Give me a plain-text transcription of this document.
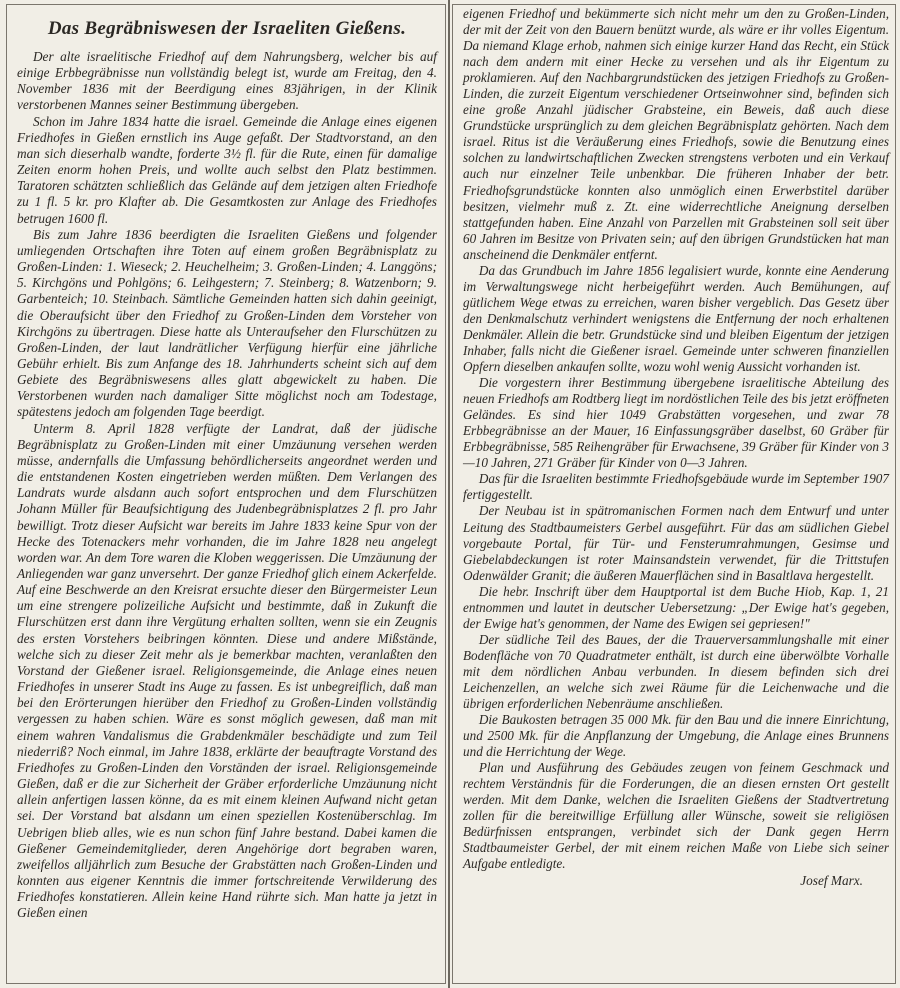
Das Begräbniswesen der Israeliten Gießens.

Der alte israelitische Friedhof auf dem Nahrungsberg, welcher bis auf einige Erbbegräbnisse nun vollständig belegt ist, wurde am Freitag, den 4. November 1836 mit der Beerdigung eines 83jährigen, in der Klinik verstorbenen Mannes seiner Bestimmung übergeben.

Schon im Jahre 1834 hatte die israel. Gemeinde die Anlage eines eigenen Friedhofes in Gießen ernstlich ins Auge gefaßt. Der Stadtvorstand, an den man sich dieserhalb wandte, forderte 3½ fl. für die Rute, einen für damalige Zeiten enorm hohen Preis, und wollte auch selbst den Platz bestimmen. Taratoren schätzten schließlich das Gelände auf dem jetzigen alten Friedhofe zu 1 fl. 5 kr. pro Klafter ab. Die Gesamtkosten zur Anlage des Friedhofes betrugen 1600 fl.

Bis zum Jahre 1836 beerdigten die Israeliten Gießens und folgender umliegenden Ortschaften ihre Toten auf einem großen Begräbnisplatz zu Großen-Linden: 1. Wieseck; 2. Heuchelheim; 3. Großen-Linden; 4. Langgöns; 5. Kirchgöns und Pohlgöns; 6. Leihgestern; 7. Steinberg; 8. Watzenborn; 9. Garbenteich; 10. Steinbach. Sämtliche Gemeinden hatten sich dahin geeinigt, die Oberaufsicht über den Friedhof zu Großen-Linden dem Vorsteher von Kirchgöns zu übertragen. Diese hatte als Unteraufseher den Flurschützen zu Großen-Linden, der laut landrätlicher Verfügung hierfür eine jährliche Gebühr erhielt. Bis zum Anfange des 18. Jahrhunderts scheint sich auf dem Gebiete des Begräbniswesens alles glatt abgewickelt zu haben. Die Verstorbenen wurden nach damaliger Sitte möglichst noch am Todestage, spätestens jedoch am folgenden Tage beerdigt.

Unterm 8. April 1828 verfügte der Landrat, daß der jüdische Begräbnisplatz zu Großen-Linden mit einer Umzäunung versehen werden müsse, andernfalls die Umfassung behördlicherseits angeordnet werden und die entstandenen Kosten eingetrieben werden müßten. Dem Verlangen des Landrats wurde alsdann auch sofort entsprochen und dem Flurschützen Johann Müller für Beaufsichtigung des Judenbegräbnisplatzes 2 fl. pro Jahr bewilligt. Trotz dieser Aufsicht war bereits im Jahre 1833 keine Spur von der Hecke des Totenackers mehr vorhanden, die im Jahre 1828 neu angelegt worden war. An dem Tore waren die Kloben weggerissen. Die Umzäunung der Anliegenden war ganz unversehrt. Der ganze Friedhof glich einem Ackerfelde. Auf eine Beschwerde an den Kreisrat ersuchte dieser den Bürgermeister Leun um eine strengere polizeiliche Aufsicht und bestimmte, daß in Zukunft die Flurschützen erst dann ihre Vergütung erhalten sollten, wenn sie ein Zeugnis des ersten Vorstehers beibringen könnten. Diese und andere Mißstände, welche sich zu dieser Zeit mehr als je bemerkbar machten, veranlaßten den Vorstand der Gießener israel. Religionsgemeinde, die Anlage eines neuen Friedhofes in unserer Stadt ins Auge zu fassen. Es ist unbegreiflich, daß man bei den Erörterungen hierüber den Friedhof zu Großen-Linden vollständig vergessen zu haben schien. Wäre es sonst möglich gewesen, daß man mit einem wahren Vandalismus die Grabdenkmäler beschädigte und zum Teil niederriß? Noch einmal, im Jahre 1838, erklärte der beauftragte Vorstand des Friedhofes zu Großen-Linden den Vorständen der israel. Religionsgemeinde Gießen, daß er die zur Sicherheit der Gräber erforderliche Umzäunung nicht allein anfertigen lassen könne, da es mit einem kleinen Aufwand nicht getan sei. Der Vorstand bat alsdann um einen speziellen Kostenüberschlag. Im Uebrigen blieb alles, wie es nun schon fünf Jahre bestand. Dabei kamen die Gießener Gemeindemitglieder, deren Angehörige dort begraben waren, zweifellos alljährlich zum Besuche der Grabstätten nach Großen-Linden und konnten aus eigener Kenntnis die immer fortschreitende Verwilderung des Friedhofes konstatieren. Allein keine Hand rührte sich. Man hatte ja jetzt in Gießen einen

eigenen Friedhof und bekümmerte sich nicht mehr um den zu Großen-Linden, der mit der Zeit von den Bauern benützt wurde, als wäre er ihr volles Eigentum. Da niemand Klage erhob, nahmen sich einige kurzer Hand das Recht, ein Stück nach dem andern mit einer Hecke zu versehen und als ihr Eigentum zu proklamieren. Auf den Nachbargrundstücken des jetzigen Friedhofs zu Großen-Linden, die zurzeit Eigentum verschiedener Ortseinwohner sind, befinden sich eine große Anzahl jüdischer Grabsteine, ein Beweis, daß auch diese Grundstücke ursprünglich zu dem gleichen Begräbnisplatz gehörten. Nach dem israel. Ritus ist die Veräußerung eines Friedhofs, sowie die Benutzung eines solchen zu landwirtschaftlichen Zwecken strengstens verboten und ein Verkauf auch nur einzelner Teile unbenkbar. Die früheren Inhaber der betr. Friedhofsgrundstücke konnten also unmöglich einen Erwerbstitel darüber besitzen, vielmehr muß z. Zt. eine widerrechtliche Aneignung derselben stattgefunden haben. Eine Anzahl von Parzellen mit Grabsteinen soll seit über 60 Jahren im Besitze von Privaten sein; auf den übrigen Grundstücken hat man anscheinend die Denkmäler entfernt.

Da das Grundbuch im Jahre 1856 legalisiert wurde, konnte eine Aenderung im Verwaltungswege nicht herbeigeführt werden. Auch Bemühungen, auf gütlichem Wege etwas zu erreichen, waren bisher vergeblich. Das Gesetz über den Denkmalschutz verhindert wenigstens die Entfernung der noch erhaltenen Denkmäler. Allein die betr. Grundstücke sind und bleiben Eigentum der jetzigen Inhaber, falls nicht die Gießener israel. Gemeinde unter schweren finanziellen Opfern dieselben ankaufen sollte, wozu wohl wenig Aussicht vorhanden ist.

Die vorgestern ihrer Bestimmung übergebene israelitische Abteilung des neuen Friedhofs am Rodtberg liegt im nordöstlichen Teile des bis jetzt eröffneten Geländes. Es sind hier 1049 Grabstätten vorgesehen, und zwar 78 Erbbegräbnisse an der Mauer, 16 Einfassungsgräber daselbst, 60 Gräber für Erbbegräbnisse, 585 Reihengräber für Erwachsene, 39 Gräber für Kinder von 3—10 Jahren, 271 Gräber für Kinder von 0—3 Jahren.

Das für die Israeliten bestimmte Friedhofsgebäude wurde im September 1907 fertiggestellt.

Der Neubau ist in spätromanischen Formen nach dem Entwurf und unter Leitung des Stadtbaumeisters Gerbel ausgeführt. Für das am südlichen Giebel vorgebaute Portal, für Tür- und Fensterumrahmungen, Gesimse und Giebelabdeckungen ist roter Mainsandstein verwendet, für die Trittstufen Odenwälder Granit; die äußeren Mauerflächen sind in Basaltlava hergestellt.

Die hebr. Inschrift über dem Hauptportal ist dem Buche Hiob, Kap. 1, 21 entnommen und lautet in deutscher Uebersetzung: „Der Ewige hat's gegeben, der Ewige hat's genommen, der Name des Ewigen sei gepriesen!"

Der südliche Teil des Baues, der die Trauerversammlungshalle mit einer Bodenfläche von 70 Quadratmeter enthält, ist durch eine überwölbte Vorhalle mit dem nördlichen Anbau verbunden. In diesem befinden sich drei Leichenzellen, an welche sich zwei Räume für die Leichenwache und die übrigen erforderlichen Nebenräume anschließen.

Die Baukosten betragen 35 000 Mk. für den Bau und die innere Einrichtung, und 2500 Mk. für die Anpflanzung der Umgebung, die Anlage eines Brunnens und die Herrichtung der Wege.

Plan und Ausführung des Gebäudes zeugen von feinem Geschmack und rechtem Verständnis für die Forderungen, die an diesen ernsten Ort gestellt werden. Mit dem Danke, welchen die Israeliten Gießens der Stadtvertretung zollen für die bereitwillige Erfüllung aller Wünsche, soweit sie religiösen Bedürfnissen entsprangen, verbindet sich der Dank gegen Herrn Stadtbaumeister Gerbel, der mit einem reichen Maße von Liebe sich seiner Aufgabe entledigte.

Josef Marx.
